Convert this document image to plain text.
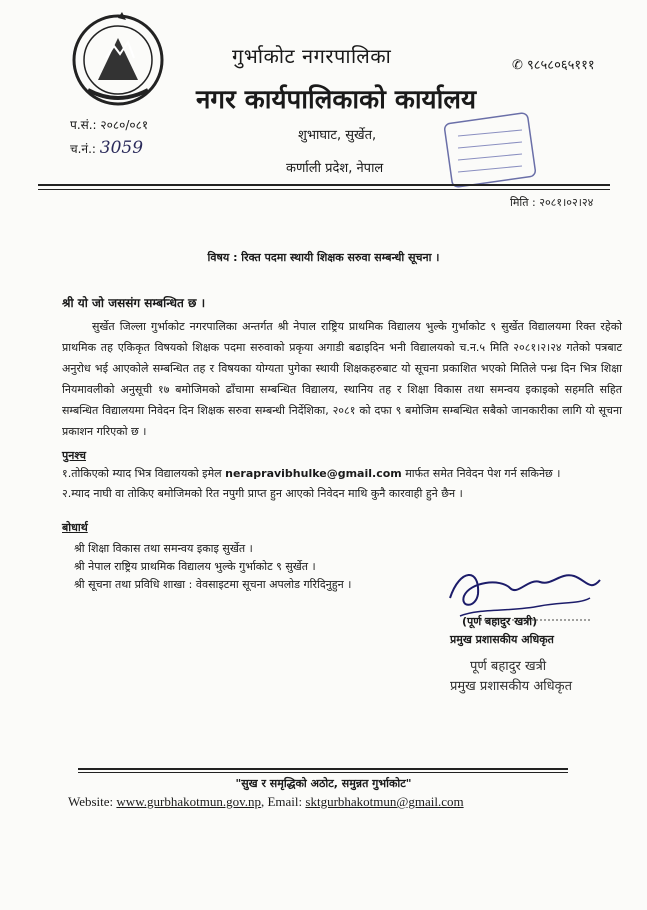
गुर्भाकोट नगरपालिका
नगर कार्यपालिकाको कार्यालय
शुभाघाट, सुर्खेत,
कर्णाली प्रदेश, नेपाल
✆ ९८५८०६५१११
प.सं.: २०८०/०८१
च.नं.: 3059
मिति : २०८१।०२।२४
विषय : रिक्त पदमा स्थायी शिक्षक सरुवा सम्बन्धी सूचना ।
श्री यो जो जससंग सम्बन्धित छ ।
सुर्खेत जिल्ला गुर्भाकोट नगरपालिका अन्तर्गत श्री नेपाल राष्ट्रिय प्राथमिक विद्यालय भुल्के गुर्भाकोट ९ सुर्खेत विद्यालयमा रिक्त रहेको प्राथमिक तह एकिकृत विषयको शिक्षक पदमा सरुवाको प्रकृया अगाडी बढाइदिन भनी विद्यालयको च.न.५ मिति २०८१।२।२४ गतेको पत्रबाट अनुरोध भई आएकोले सम्बन्धित तह र विषयका योग्यता पुगेका स्थायी शिक्षकहरुबाट यो सूचना प्रकाशित भएको मितिले पन्ध्र दिन भित्र शिक्षा नियमावलीको अनुसूची १७ बमोजिमको ढाँचामा सम्बन्धित विद्यालय, स्थानिय तह र शिक्षा विकास तथा समन्वय इकाइको सहमति सहित सम्बन्धित विद्यालयमा निवेदन दिन शिक्षक सरुवा सम्बन्धी निर्देशिका, २०८१ को दफा ९ बमोजिम सम्बन्धित सबैको जानकारीका लागि यो सूचना प्रकाशन गरिएको छ ।
पुनश्च
१.तोकिएको म्याद भित्र विद्यालयको इमेल nerapravibhulke@gmail.com मार्फत समेत निवेदन पेश गर्न सकिनेछ ।
२.म्याद नाघी वा तोकिए बमोजिमको रित नपुगी प्राप्त हुन आएको निवेदन माथि कुनै कारवाही हुने छैन ।
बोधार्थ
श्री शिक्षा विकास तथा समन्वय इकाइ सुर्खेत ।
श्री नेपाल राष्ट्रिय प्राथमिक विद्यालय भुल्के गुर्भाकोट ९ सुर्खेत ।
श्री सूचना तथा प्रविधि शाखा : वेवसाइटमा सूचना अपलोड गरिदिनुहुन ।
(पूर्ण बहादुर खत्री)
प्रमुख प्रशासकीय अधिकृत
पूर्ण बहादुर खत्री
प्रमुख प्रशासकीय अधिकृत
"सुख र समृद्धिको अठोट, समुन्नत गुर्भाकोट"
Website: www.gurbhakotmun.gov.np, Email: sktgurbhakotmun@gmail.com
